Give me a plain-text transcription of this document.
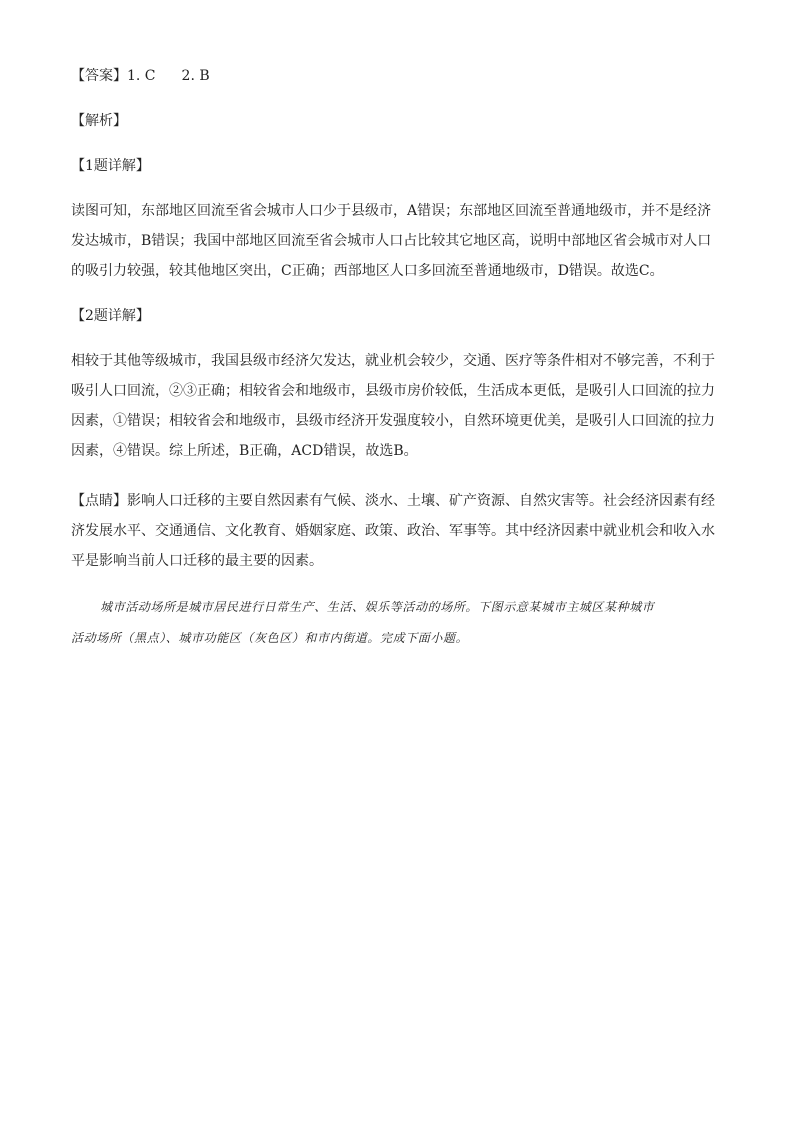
【答案】1. C 2. B
【解析】
【1题详解】
读图可知，东部地区回流至省会城市人口少于县级市，A错误；东部地区回流至普通地级市，并不是经济
发达城市，B错误；我国中部地区回流至省会城市人口占比较其它地区高，说明中部地区省会城市对人口
的吸引力较强，较其他地区突出，C正确；西部地区人口多回流至普通地级市，D错误。故选C。
【2题详解】
相较于其他等级城市，我国县级市经济欠发达，就业机会较少，交通、医疗等条件相对不够完善，不利于
吸引人口回流，②③正确；相较省会和地级市，县级市房价较低，生活成本更低，是吸引人口回流的拉力
因素，①错误；相较省会和地级市，县级市经济开发强度较小，自然环境更优美，是吸引人口回流的拉力
因素，④错误。综上所述，B正确，ACD错误，故选B。
【点睛】影响人口迁移的主要自然因素有气候、淡水、土壤、矿产资源、自然灾害等。社会经济因素有经
济发展水平、交通通信、文化教育、婚姻家庭、政策、政治、军事等。其中经济因素中就业机会和收入水
平是影响当前人口迁移的最主要的因素。
城市活动场所是城市居民进行日常生产、生活、娱乐等活动的场所。下图示意某城市主城区某种城市
活动场所（黑点）、城市功能区（灰色区）和市内街道。完成下面小题。
